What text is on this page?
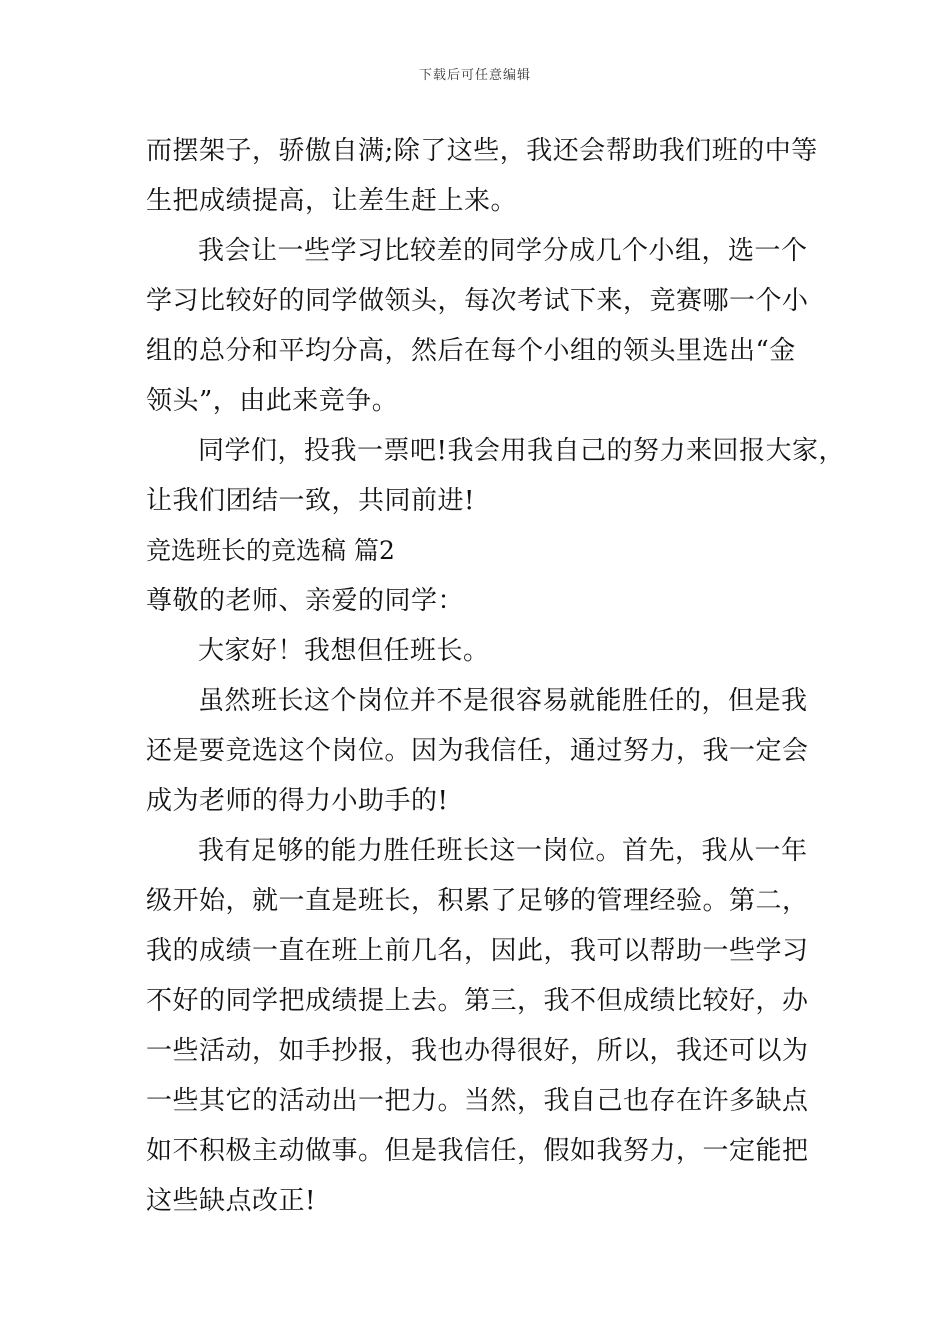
下载后可任意编辑
而摆架子，骄傲自满;除了这些，我还会帮助我们班的中等
生把成绩提高，让差生赶上来。
我会让一些学习比较差的同学分成几个小组，选一个
学习比较好的同学做领头，每次考试下来，竞赛哪一个小
组的总分和平均分高，然后在每个小组的领头里选出“金
领头”，由此来竞争。
同学们，投我一票吧!我会用我自己的努力来回报大家，
让我们团结一致，共同前进!
竞选班长的竞选稿 篇2
尊敬的老师、亲爱的同学：
大家好！我想但任班长。
虽然班长这个岗位并不是很容易就能胜任的，但是我
还是要竞选这个岗位。因为我信任，通过努力，我一定会
成为老师的得力小助手的!
我有足够的能力胜任班长这一岗位。首先，我从一年
级开始，就一直是班长，积累了足够的管理经验。第二，
我的成绩一直在班上前几名，因此，我可以帮助一些学习
不好的同学把成绩提上去。第三，我不但成绩比较好，办
一些活动，如手抄报，我也办得很好，所以，我还可以为
一些其它的活动出一把力。当然，我自己也存在许多缺点
如不积极主动做事。但是我信任，假如我努力，一定能把
这些缺点改正!
